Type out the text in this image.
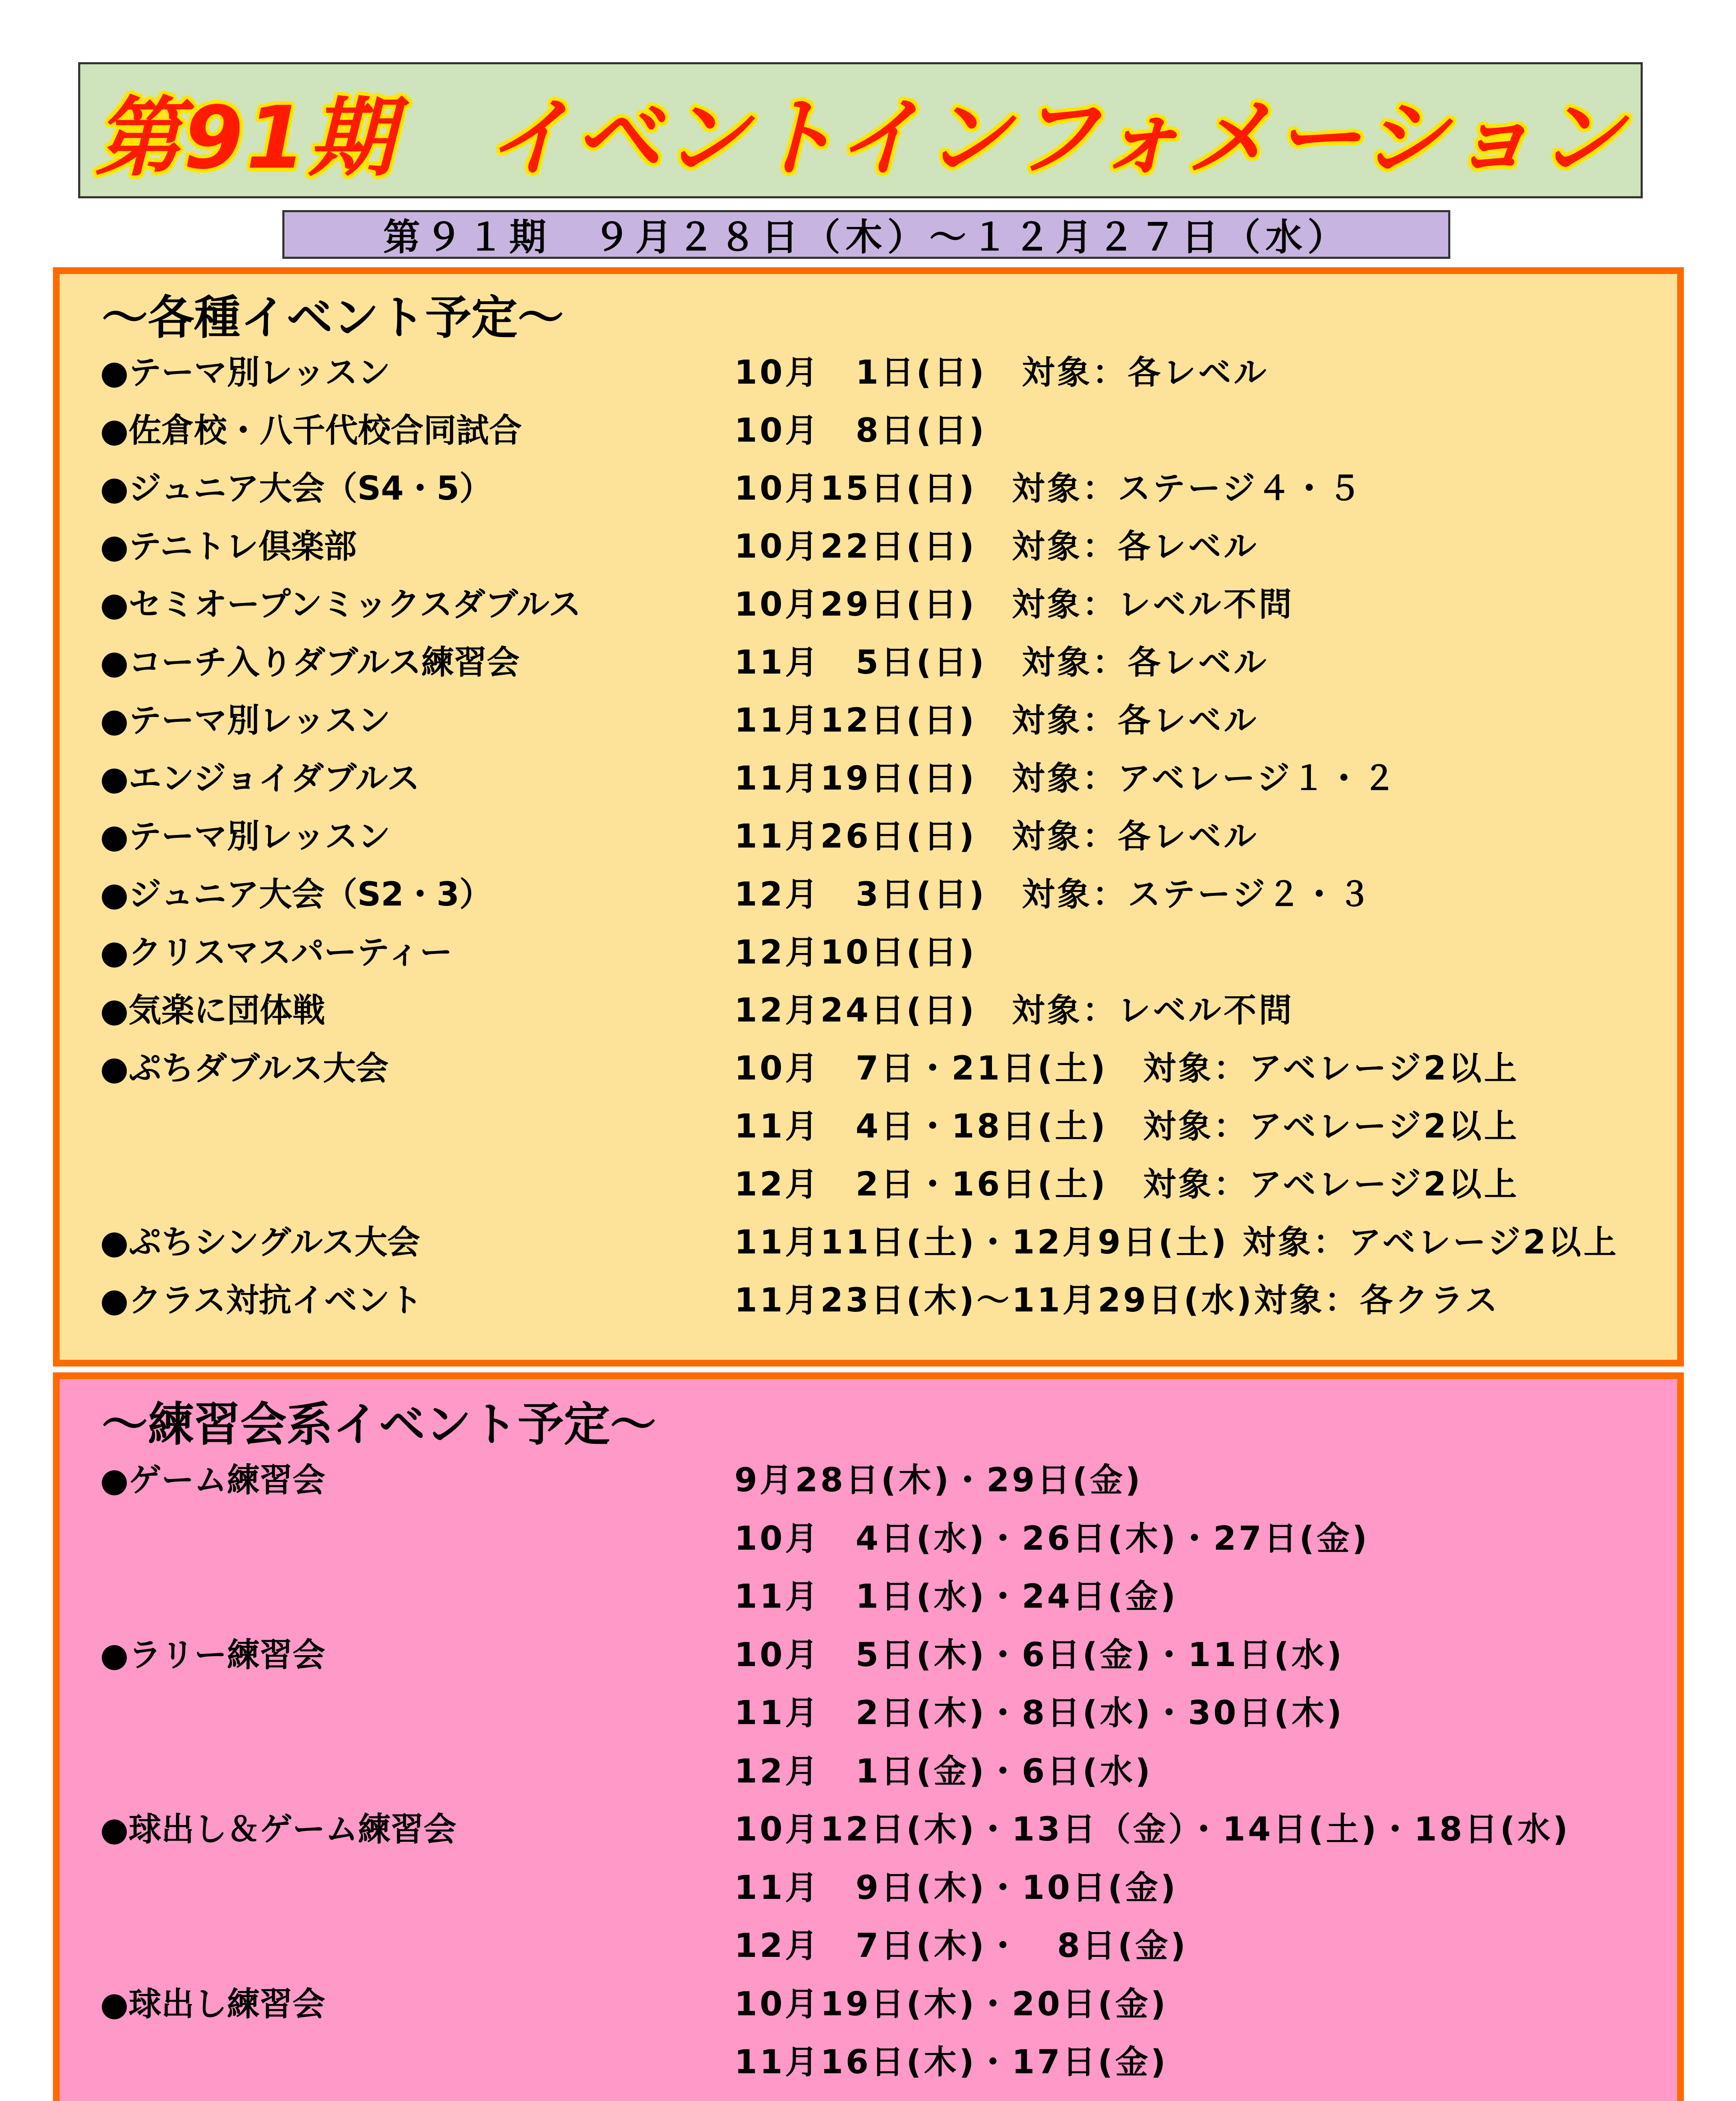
第91期　イベントインフォメーション
第９１期　９月２８日（木）～１２月２７日（水）
～各種イベント予定～
●テーマ別レッスン	10月　1日(日)　対象：各レベル
●佐倉校・八千代校合同試合	10月　8日(日)
●ジュニア大会（S4・5）	10月15日(日)　対象：ステージ４・５
●テニトレ倶楽部	10月22日(日)　対象：各レベル
●セミオープンミックスダブルス	10月29日(日)　対象：レベル不問
●コーチ入りダブルス練習会	11月　5日(日)　対象：各レベル
●テーマ別レッスン	11月12日(日)　対象：各レベル
●エンジョイダブルス	11月19日(日)　対象：アベレージ１・２
●テーマ別レッスン	11月26日(日)　対象：各レベル
●ジュニア大会（S2・3）	12月　3日(日)　対象：ステージ２・３
●クリスマスパーティー	12月10日(日)
●気楽に団体戦	12月24日(日)　対象：レベル不問
●ぷちダブルス大会	10月　7日・21日(土)　対象：アベレージ2以上
11月　4日・18日(土)　対象：アベレージ2以上
12月　2日・16日(土)　対象：アベレージ2以上
●ぷちシングルス大会	11月11日(土)・12月9日(土) 対象：アベレージ2以上
●クラス対抗イベント	11月23日(木)～11月29日(水)対象：各クラス
～練習会系イベント予定～
●ゲーム練習会	9月28日(木)・29日(金)
10月　4日(水)・26日(木)・27日(金)
11月　1日(水)・24日(金)
●ラリー練習会	10月　5日(木)・6日(金)・11日(水)
11月　2日(木)・8日(水)・30日(木)
12月　1日(金)・6日(水)
●球出し＆ゲーム練習会	10月12日(木)・13日（金）・14日(土)・18日(水)
11月　9日(木)・10日(金)
12月　7日(木)・　8日(金)
●球出し練習会	10月19日(木)・20日(金)
11月16日(木)・17日(金)
